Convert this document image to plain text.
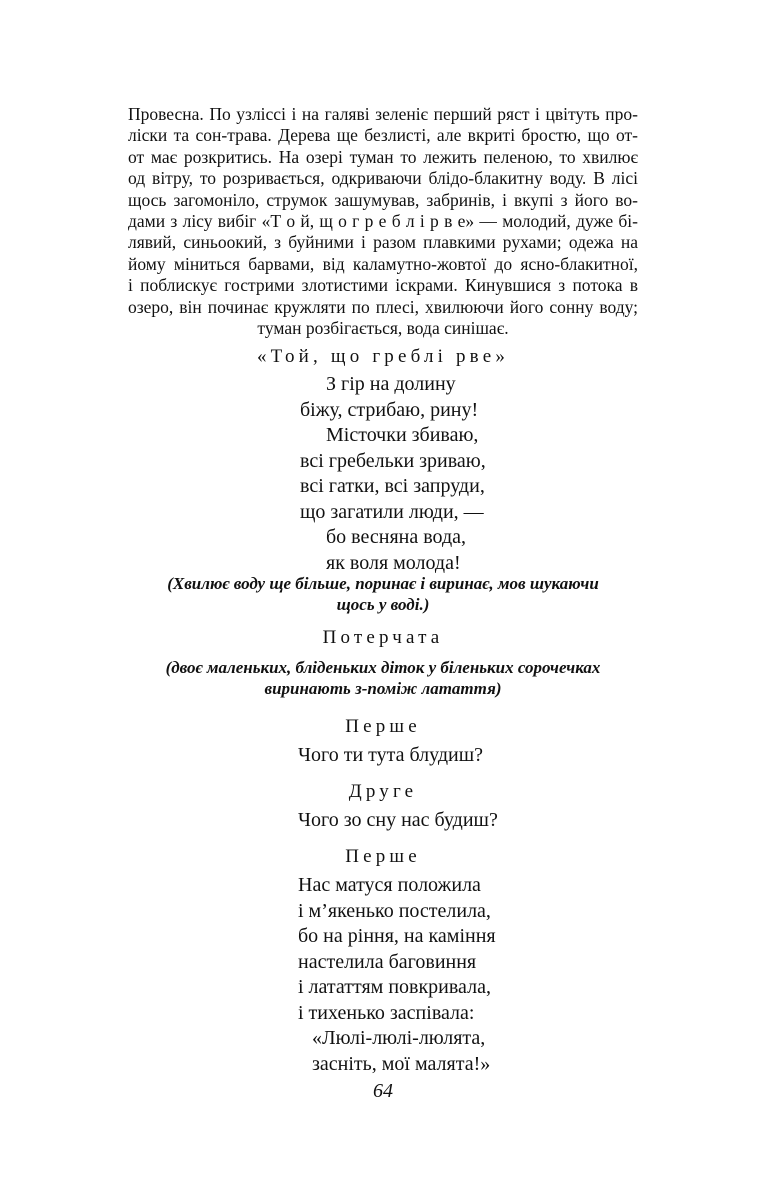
Провесна. По узліссі і на галяві зеленіє перший ряст і цвітуть про-
ліски та сон-трава. Дерева ще безлисті, але вкриті бростю, що от-
от має розкритись. На озері туман то лежить пеленою, то хвилює
од вітру, то розривається, одкриваючи блідо-блакитну воду. В лісі
щось загомоніло, струмок зашумував, забринів, і вкупі з його во-
дами з лісу вибіг «Т о й, щ о г р е б л і р в е» — молодий, дуже бі-
лявий, синьоокий, з буйними і разом плавкими рухами; одежа на
йому міниться барвами, від каламутно-жовтої до ясно-блакитної,
і поблискує гострими злотистими іскрами. Кинувшися з потока в
озеро, він починає кружляти по плесі, хвилюючи його сонну воду;
туман розбігається, вода синішає.
«Той, що греблі рве»
З гір на долину
біжу, стрибаю, рину!
Місточки збиваю,
всі гребельки зриваю,
всі гатки, всі запруди,
що загатили люди, —
бо весняна вода,
як воля молода!
(Хвилює воду ще більше, поринає і виринає, мов шукаючи
щось у воді.)
Потерчата
(двоє маленьких, бліденьких діток у біленьких сорочечках
виринають з-поміж латаття)
Перше
Чого ти тута блудиш?
Друге
Чого зо сну нас будиш?
Перше
Нас матуся положила
і м’якенько постелила,
бо на ріння, на каміння
настелила баговиння
і лататтям повкривала,
і тихенько заспівала:
«Люлі-люлі-люлята,
засніть, мої малята!»
64
